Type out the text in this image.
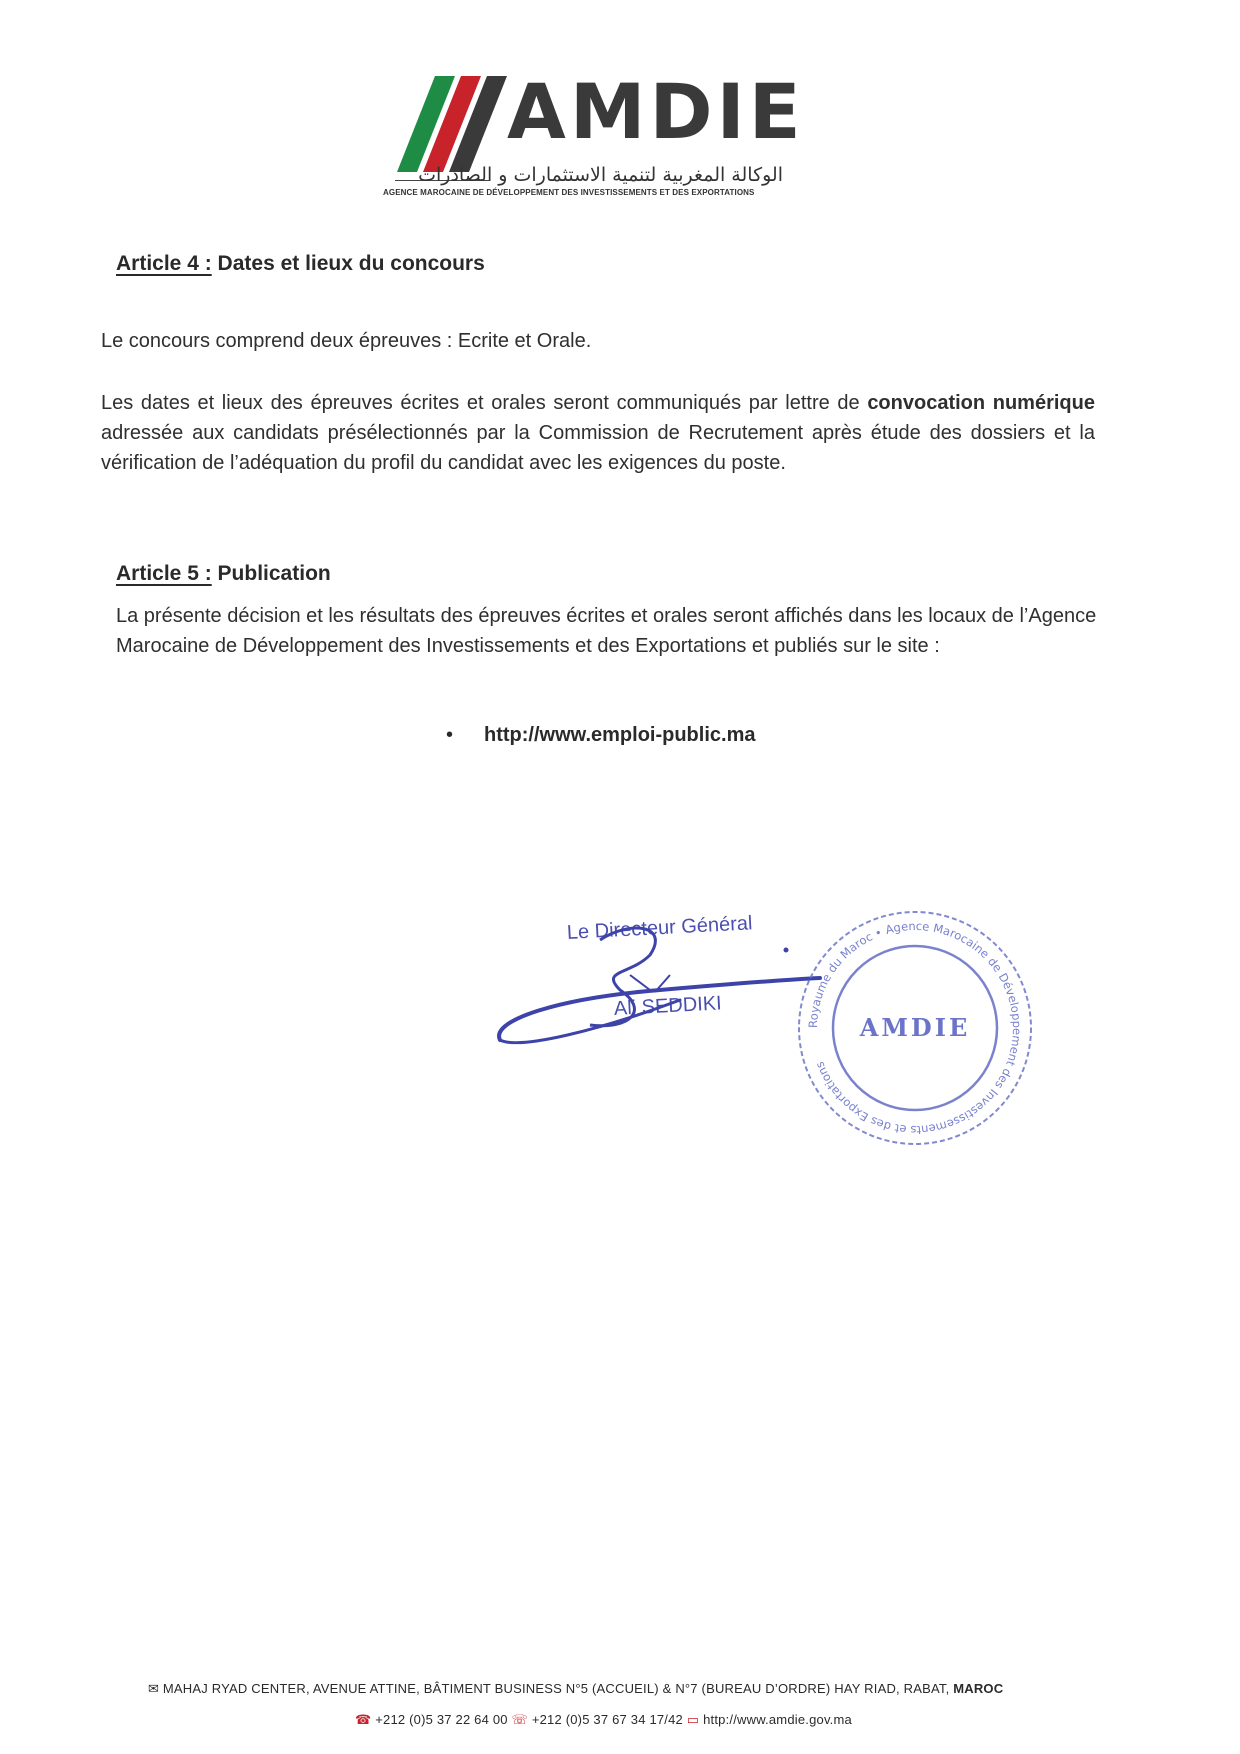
AMDIE
الوكالة المغربية لتنمية الاستثمارات و الصادرات
AGENCE MAROCAINE DE DÉVELOPPEMENT DES INVESTISSEMENTS ET DES EXPORTATIONS
Article 4 : Dates et lieux du concours
Le concours comprend deux épreuves : Ecrite et Orale.
Les dates et lieux des épreuves écrites et orales seront communiqués par lettre de convocation numérique adressée aux candidats présélectionnés par la Commission de Recrutement après étude des dossiers et la vérification de l’adéquation du profil du candidat avec les exigences du poste.
Article 5 : Publication
La présente décision et les résultats des épreuves écrites et orales seront affichés dans les locaux de l’Agence Marocaine de Développement des Investissements et des Exportations et publiés sur le site :
• http://www.emploi-public.ma
Le Directeur Général
Ali SEDDIKI
Royaume du Maroc • Agence Marocaine de Développement des Investissements et des Exportations
AMDIE
✉ MAHAJ RYAD CENTER, AVENUE ATTINE, BÂTIMENT BUSINESS N°5 (ACCUEIL) & N°7 (BUREAU D’ORDRE) HAY RIAD, RABAT, MAROC
☎ +212 (0)5 37 22 64 00 ☏ +212 (0)5 37 67 34 17/42 ▭ http://www.amdie.gov.ma
